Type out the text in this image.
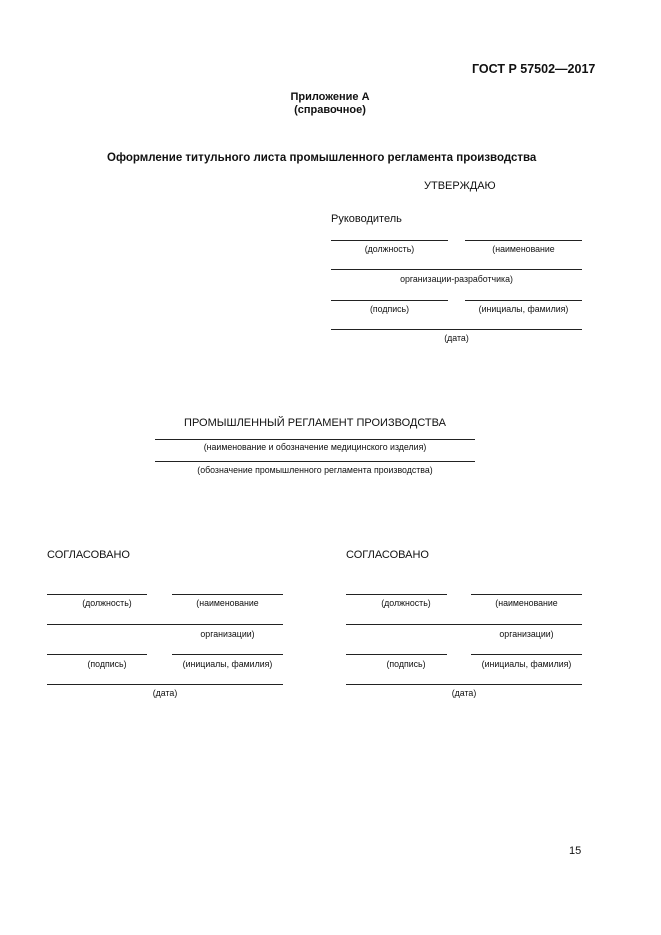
ГОСТ Р 57502—2017
Приложение А
(справочное)
Оформление титульного листа промышленного регламента производства
УТВЕРЖДАЮ
Руководитель
(должность)	(наименование
организации-разработчика)
(подпись)	(инициалы, фамилия)
(дата)
ПРОМЫШЛЕННЫЙ РЕГЛАМЕНТ ПРОИЗВОДСТВА
(наименование и обозначение медицинского изделия)
(обозначение промышленного регламента производства)
СОГЛАСОВАНО
(должность)	(наименование
организации)
(подпись)	(инициалы, фамилия)
(дата)
СОГЛАСОВАНО
(должность)	(наименование
организации)
(подпись)	(инициалы, фамилия)
(дата)
15
